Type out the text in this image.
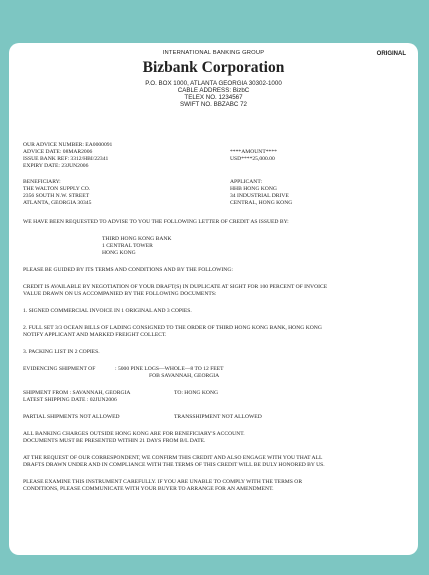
INTERNATIONAL BANKING GROUP	ORIGINAL
Bizbank Corporation
P.O. BOX 1000, ATLANTA GEORGIA 30302-1000
CABLE ADDRESS: BizbC
TELEX NO. 1234567
SWIFT NO. BBZABC 72
OUR ADVICE NUMBER: EA0000091
ADVICE DATE: 08MAR2006
ISSUE BANK REF: 3312/HBI/22341
EXPIRY DATE: 23JUN2006
****AMOUNT****
USD****25,000.00
BENEFICIARY:
THE WALTON SUPPLY CO.
2356 SOUTH N.W. STREET
ATLANTA, GEORGIA 30345
APPLICANT:
HHB HONG KONG
34 INDUSTRIAL DRIVE
CENTRAL, HONG KONG
WE HAVE BEEN REQUESTED TO ADVISE TO YOU THE FOLLOWING LETTER OF CREDIT AS ISSUED BY:
THIRD HONG KONG BANK
1 CENTRAL TOWER
HONG KONG
PLEASE BE GUIDED BY ITS TERMS AND CONDITIONS AND BY THE FOLLOWING:
CREDIT IS AVAILABLE BY NEGOTIATION OF YOUR DRAFT(S) IN DUPLICATE AT SIGHT FOR 100 PERCENT OF INVOICE
VALUE DRAWN ON US ACCOMPANIED BY THE FOLLOWING DOCUMENTS:
1. SIGNED COMMERCIAL INVOICE IN 1 ORIGINAL AND 3 COPIES.
2. FULL SET 3/3 OCEAN BILLS OF LADING CONSIGNED TO THE ORDER OF THIRD HONG KONG BANK, HONG KONG
NOTIFY APPLICANT AND MARKED FREIGHT COLLECT.
3. PACKING LIST IN 2 COPIES.
EVIDENCING SHIPMENT OF	: 5000 PINE LOGS—WHOLE—8 TO 12 FEET
FOB SAVANNAH, GEORGIA
SHIPMENT FROM : SAVANNAH, GEORGIA	TO: HONG KONG
LATEST SHIPPING DATE : 02JUN2006
PARTIAL SHIPMENTS NOT ALLOWED	TRANSSHIPMENT NOT ALLOWED
ALL BANKING CHARGES OUTSIDE HONG KONG ARE FOR BENEFICIARY'S ACCOUNT.
DOCUMENTS MUST BE PRESENTED WITHIN 21 DAYS FROM B/L DATE.
AT THE REQUEST OF OUR CORRESPONDENT, WE CONFIRM THIS CREDIT AND ALSO ENGAGE WITH YOU THAT ALL
DRAFTS DRAWN UNDER AND IN COMPLIANCE WITH THE TERMS OF THIS CREDIT WILL BE DULY HONORED BY US.
PLEASE EXAMINE THIS INSTRUMENT CAREFULLY. IF YOU ARE UNABLE TO COMPLY WITH THE TERMS OR
CONDITIONS, PLEASE COMMUNICATE WITH YOUR BUYER TO ARRANGE FOR AN AMENDMENT.
